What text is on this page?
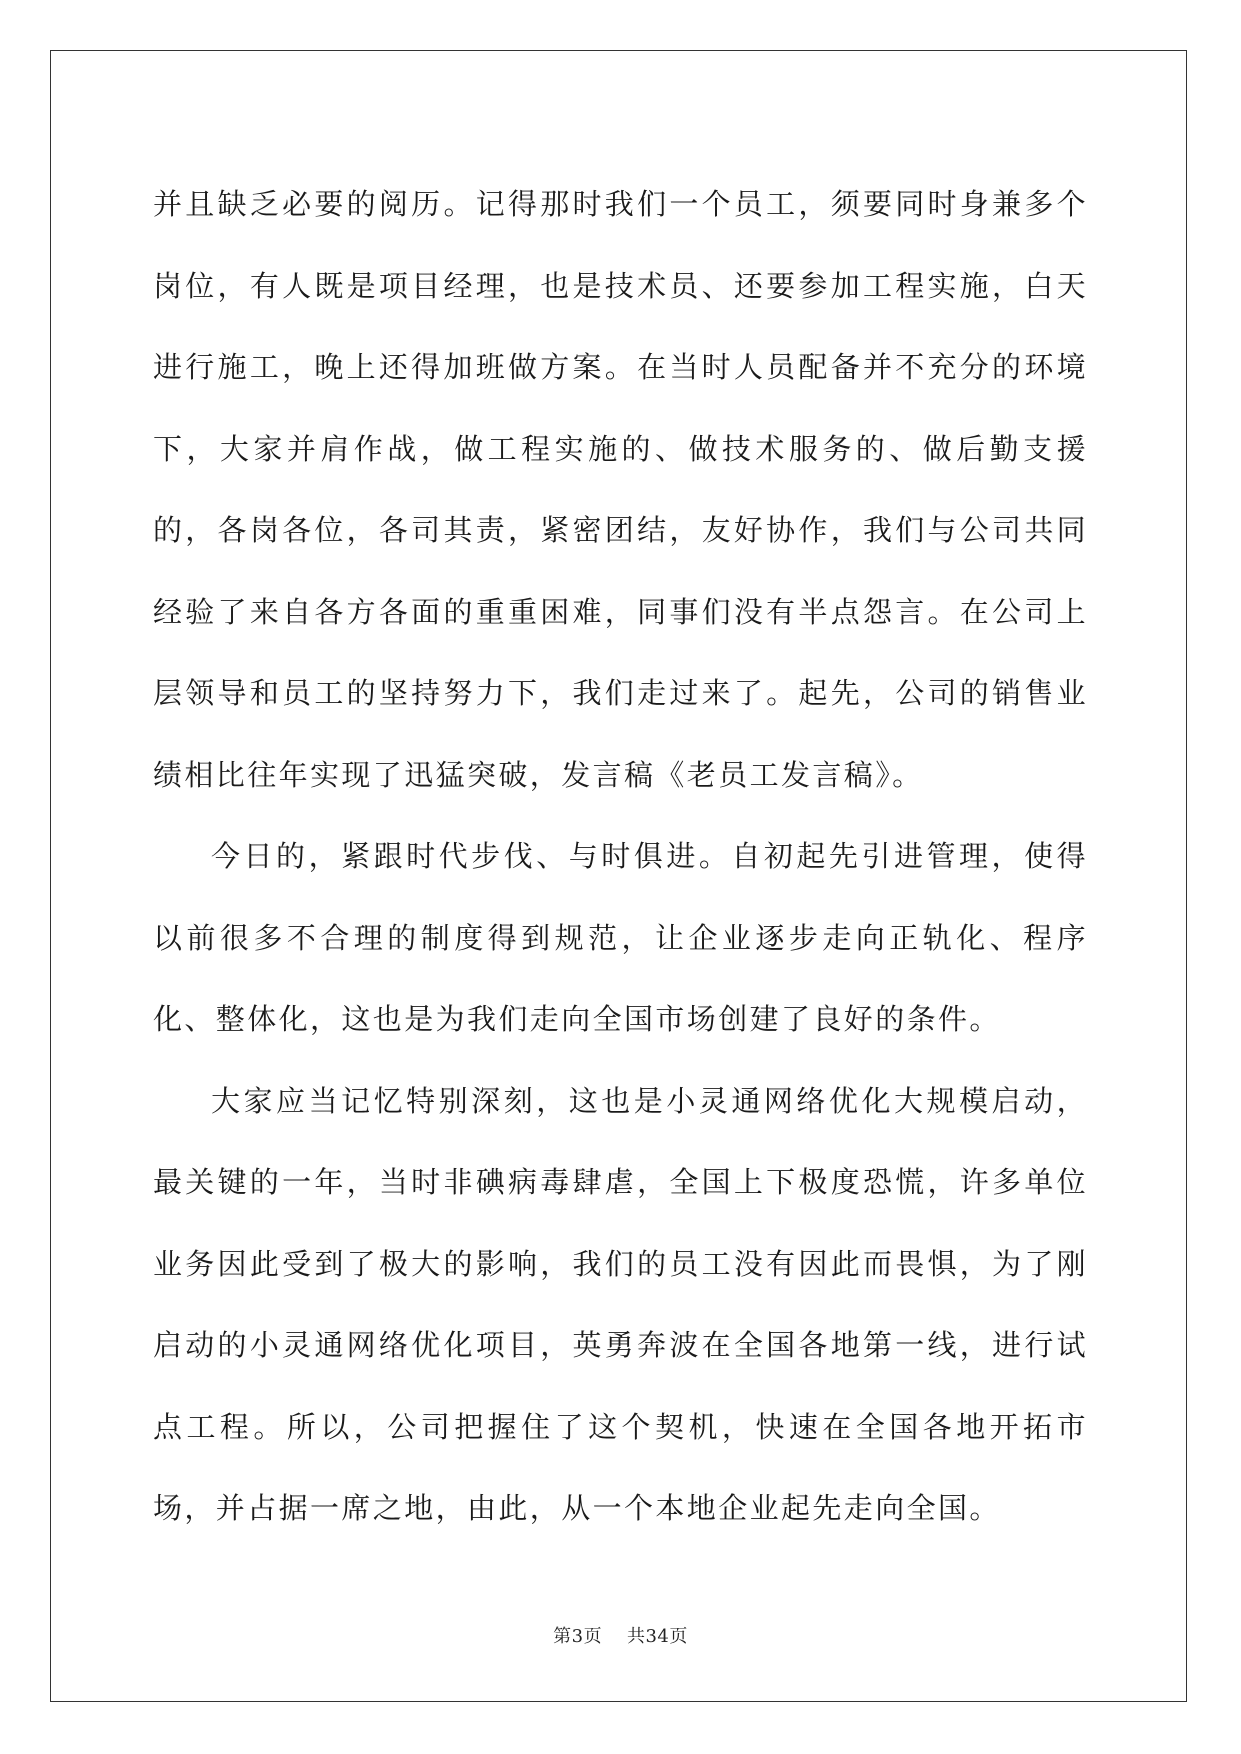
并且缺乏必要的阅历。记得那时我们一个员工，须要同时身兼多个岗位，有人既是项目经理，也是技术员、还要参加工程实施，白天进行施工，晚上还得加班做方案。在当时人员配备并不充分的环境下，大家并肩作战，做工程实施的、做技术服务的、做后勤支援的，各岗各位，各司其责，紧密团结，友好协作，我们与公司共同经验了来自各方各面的重重困难，同事们没有半点怨言。在公司上层领导和员工的坚持努力下，我们走过来了。起先，公司的销售业绩相比往年实现了迅猛突破，发言稿《老员工发言稿》。

今日的，紧跟时代步伐、与时俱进。自初起先引进管理，使得以前很多不合理的制度得到规范，让企业逐步走向正轨化、程序化、整体化，这也是为我们走向全国市场创建了良好的条件。

大家应当记忆特别深刻，这也是小灵通网络优化大规模启动，最关键的一年，当时非碘病毒肆虐，全国上下极度恐慌，许多单位业务因此受到了极大的影响，我们的员工没有因此而畏惧，为了刚启动的小灵通网络优化项目，英勇奔波在全国各地第一线，进行试点工程。所以，公司把握住了这个契机，快速在全国各地开拓市场，并占据一席之地，由此，从一个本地企业起先走向全国。

第3页 共34页
